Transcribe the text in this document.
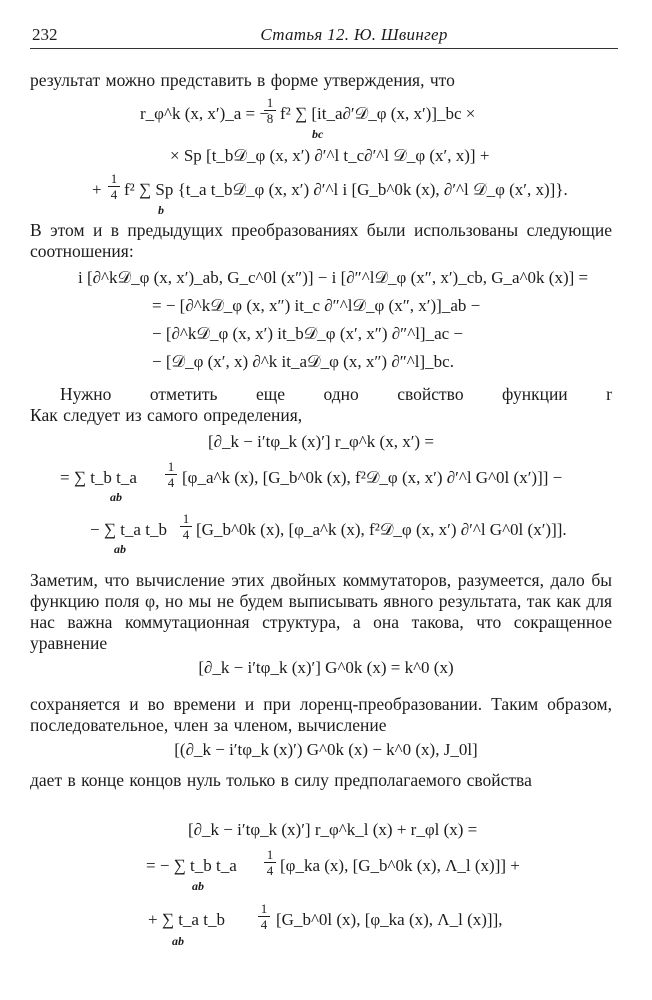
232	Статья 12. Ю. Швингер
результат можно представить в форме утверждения, что
r_φ^k (x, x′)_a = −
1
8 f² ∑ [it_a∂′𝒟_φ (x, x′)]_bc ×
bc
× Sp [t_b𝒟_φ (x, x′) ∂′^l t_c∂′^l 𝒟_φ (x′, x)] +
+
1
4 f² ∑ Sp {t_a t_b𝒟_φ (x, x′) ∂′^l i [G_b^0k (x), ∂′^l 𝒟_φ (x′, x)]}.
b
В этом и в предыдущих преобразованиях были использованы следующие соотношения:
i [∂^k𝒟_φ (x, x′)_ab, G_c^0l (x″)] − i [∂″^l𝒟_φ (x″, x′)_cb, G_a^0k (x)] =
= − [∂^k𝒟_φ (x, x″) it_c ∂″^l𝒟_φ (x″, x′)]_ab −
− [∂^k𝒟_φ (x, x′) it_b𝒟_φ (x′, x″) ∂″^l]_ac −
− [𝒟_φ (x′, x) ∂^k it_a𝒟_φ (x, x″) ∂″^l]_bc.
Нужно отметить еще одно свойство функции r
Как следует из самого определения,
[∂_k − i′tφ_k (x)′] r_φ^k (x, x′) =
= ∑ t_b t_a
1
4 [φ_a^k (x), [G_b^0k (x), f²𝒟_φ (x, x′) ∂′^l G^0l (x′)]] −
ab
− ∑ t_a t_b
1
4 [G_b^0k (x), [φ_a^k (x), f²𝒟_φ (x, x′) ∂′^l G^0l (x′)]].
ab
Заметим, что вычисление этих двойных коммутаторов, разумеется, дало бы функцию поля φ, но мы не будем выписывать явного результата, так как для нас важна коммутационная структура, а она такова, что сокращенное уравнение
[∂_k − i′tφ_k (x)′] G^0k (x) = k^0 (x)
сохраняется и во времени и при лоренц-преобразовании. Таким образом, последовательное, член за членом, вычисление
[(∂_k − i′tφ_k (x)′) G^0k (x) − k^0 (x), J_0l]
дает в конце концов нуль только в силу предполагаемого свойства
[∂_k − i′tφ_k (x)′] r_φ^k_l (x) + r_φl (x) =
= − ∑ t_b t_a
1
4 [φ_ka (x), [G_b^0k (x), Λ_l (x)]] +
ab
+ ∑ t_a t_b
1
4 [G_b^0l (x), [φ_ka (x), Λ_l (x)]],
ab
